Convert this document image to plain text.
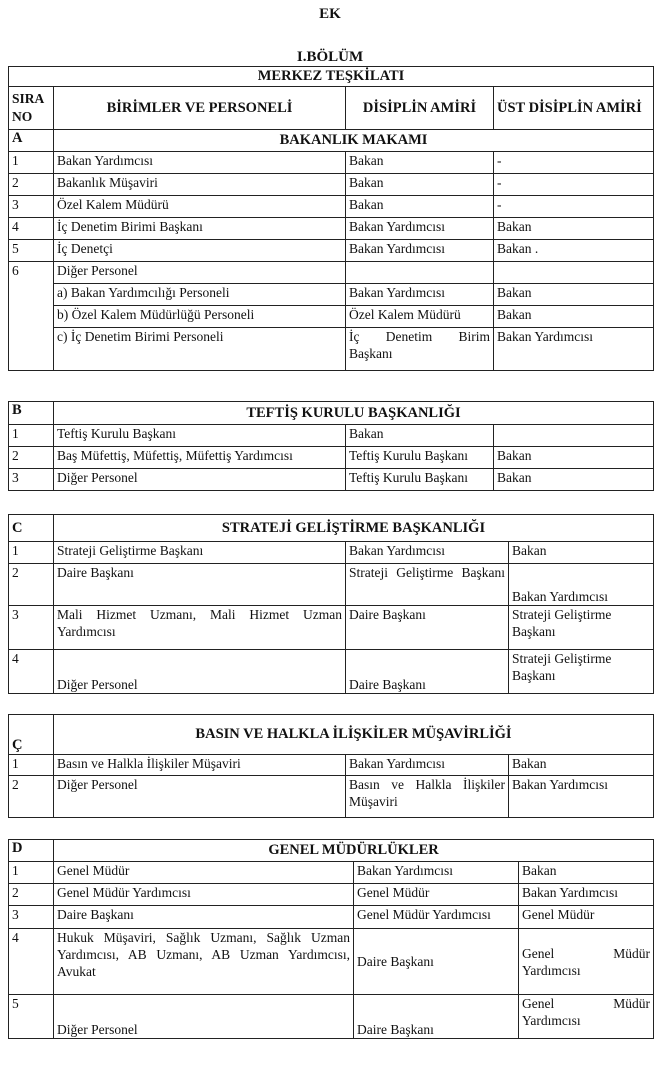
EK
I.BÖLÜM
MERKEZ TEŞKİLATI			
SIRA NO	BİRİMLER VE PERSONELİ	DİSİPLİN AMİRİ	ÜST DİSİPLİN AMİRİ
A	BAKANLIK MAKAMI		
1	Bakan Yardımcısı	Bakan	-
2	Bakanlık Müşaviri	Bakan	-
3	Özel Kalem Müdürü	Bakan	-
4	İç Denetim Birimi Başkanı	Bakan Yardımcısı	Bakan
5	İç Denetçi	Bakan Yardımcısı	Bakan .
6	Diğer Personel		
	a) Bakan Yardımcılığı Personeli	Bakan Yardımcısı	Bakan
	b) Özel Kalem Müdürlüğü Personeli	Özel Kalem Müdürü	Bakan
	c) İç Denetim Birimi Personeli	İç Denetim Birim Başkanı	Bakan Yardımcısı
B	TEFTİŞ KURULU BAŞKANLIĞI		
1	Teftiş Kurulu Başkanı	Bakan	
2	Baş Müfettiş, Müfettiş, Müfettiş Yardımcısı	Teftiş Kurulu Başkanı	Bakan
3	Diğer Personel	Teftiş Kurulu Başkanı	Bakan
C	STRATEJİ GELİŞTİRME BAŞKANLIĞI		
1	Strateji Geliştirme Başkanı	Bakan Yardımcısı	Bakan
2	Daire Başkanı	Strateji Geliştirme Başkanı	Bakan Yardımcısı
3	Mali Hizmet Uzmanı, Mali Hizmet Uzman Yardımcısı	Daire Başkanı	Strateji Geliştirme Başkanı
4	Diğer Personel	Daire Başkanı	Strateji Geliştirme Başkanı
Ç	BASIN VE HALKLA İLİŞKİLER MÜŞAVİRLİĞİ		
1	Basın ve Halkla İlişkiler Müşaviri	Bakan Yardımcısı	Bakan
2	Diğer Personel	Basın ve Halkla İlişkiler Müşaviri	Bakan Yardımcısı
D	GENEL MÜDÜRLÜKLER		
1	Genel Müdür	Bakan Yardımcısı	Bakan
2	Genel Müdür Yardımcısı	Genel Müdür	Bakan Yardımcısı
3	Daire Başkanı	Genel Müdür Yardımcısı	Genel Müdür
4	Hukuk Müşaviri, Sağlık Uzmanı, Sağlık Uzman Yardımcısı, AB Uzmanı, AB Uzman Yardımcısı, Avukat	Daire Başkanı	Genel Müdür Yardımcısı
5	Diğer Personel	Daire Başkanı	Genel Müdür Yardımcısı
